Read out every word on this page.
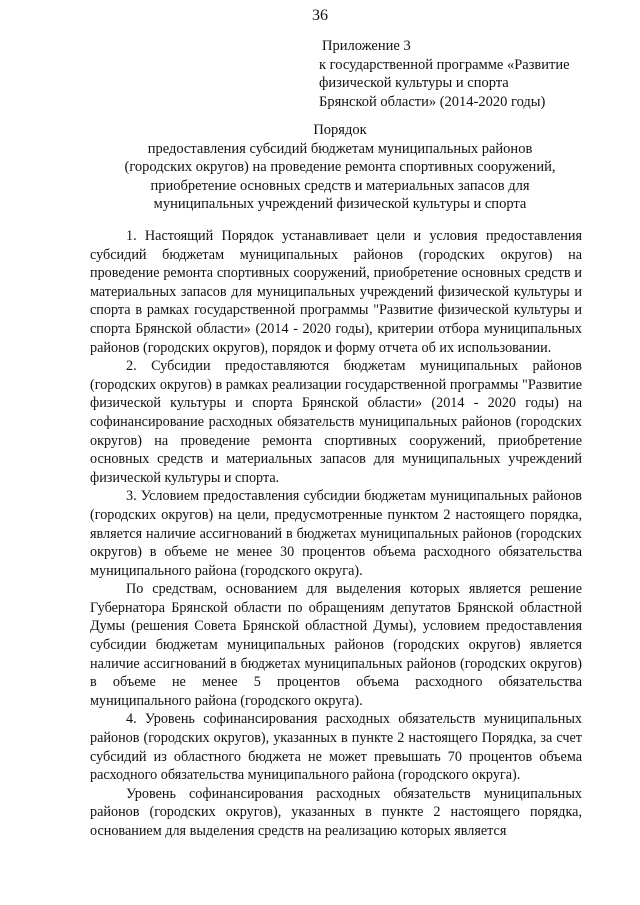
36
Приложение 3
к государственной программе «Развитие
физической культуры и спорта
Брянской области» (2014-2020 годы)
Порядок
предоставления субсидий бюджетам муниципальных районов
(городских округов) на проведение ремонта спортивных сооружений,
приобретение основных средств и материальных запасов для
муниципальных учреждений физической культуры и спорта

1. Настоящий Порядок устанавливает цели и условия предоставления субсидий бюджетам муниципальных районов (городских округов) на проведение ремонта спортивных сооружений, приобретение основных средств и материальных запасов для муниципальных учреждений физической культуры и спорта в рамках государственной программы "Развитие физической культуры и спорта Брянской области» (2014 - 2020 годы), критерии отбора муниципальных районов (городских округов), порядок и форму отчета об их использовании.

2. Субсидии предоставляются бюджетам муниципальных районов (городских округов) в рамках реализации государственной программы "Развитие физической культуры и спорта Брянской области» (2014 - 2020 годы) на софинансирование расходных обязательств муниципальных районов (городских округов) на проведение ремонта спортивных сооружений, приобретение основных средств и материальных запасов для муниципальных учреждений физической культуры и спорта.

3. Условием предоставления субсидии бюджетам муниципальных районов (городских округов) на цели, предусмотренные пунктом 2 настоящего порядка, является наличие ассигнований в бюджетах муниципальных районов (городских округов) в объеме не менее 30 процентов объема расходного обязательства муниципального района (городского округа).

По средствам, основанием для выделения которых является решение Губернатора Брянской области по обращениям депутатов Брянской областной Думы (решения Совета Брянской областной Думы), условием предоставления субсидии бюджетам муниципальных районов (городских округов) является наличие ассигнований в бюджетах муниципальных районов (городских округов) в объеме не менее 5 процентов объема расходного обязательства муниципального района (городского округа).

4. Уровень софинансирования расходных обязательств муниципальных районов (городских округов), указанных в пункте 2 настоящего Порядка, за счет субсидий из областного бюджета не может превышать 70 процентов объема расходного обязательства муниципального района (городского округа).

Уровень софинансирования расходных обязательств муниципальных районов (городских округов), указанных в пункте 2 настоящего порядка, основанием для выделения средств на реализацию которых является
